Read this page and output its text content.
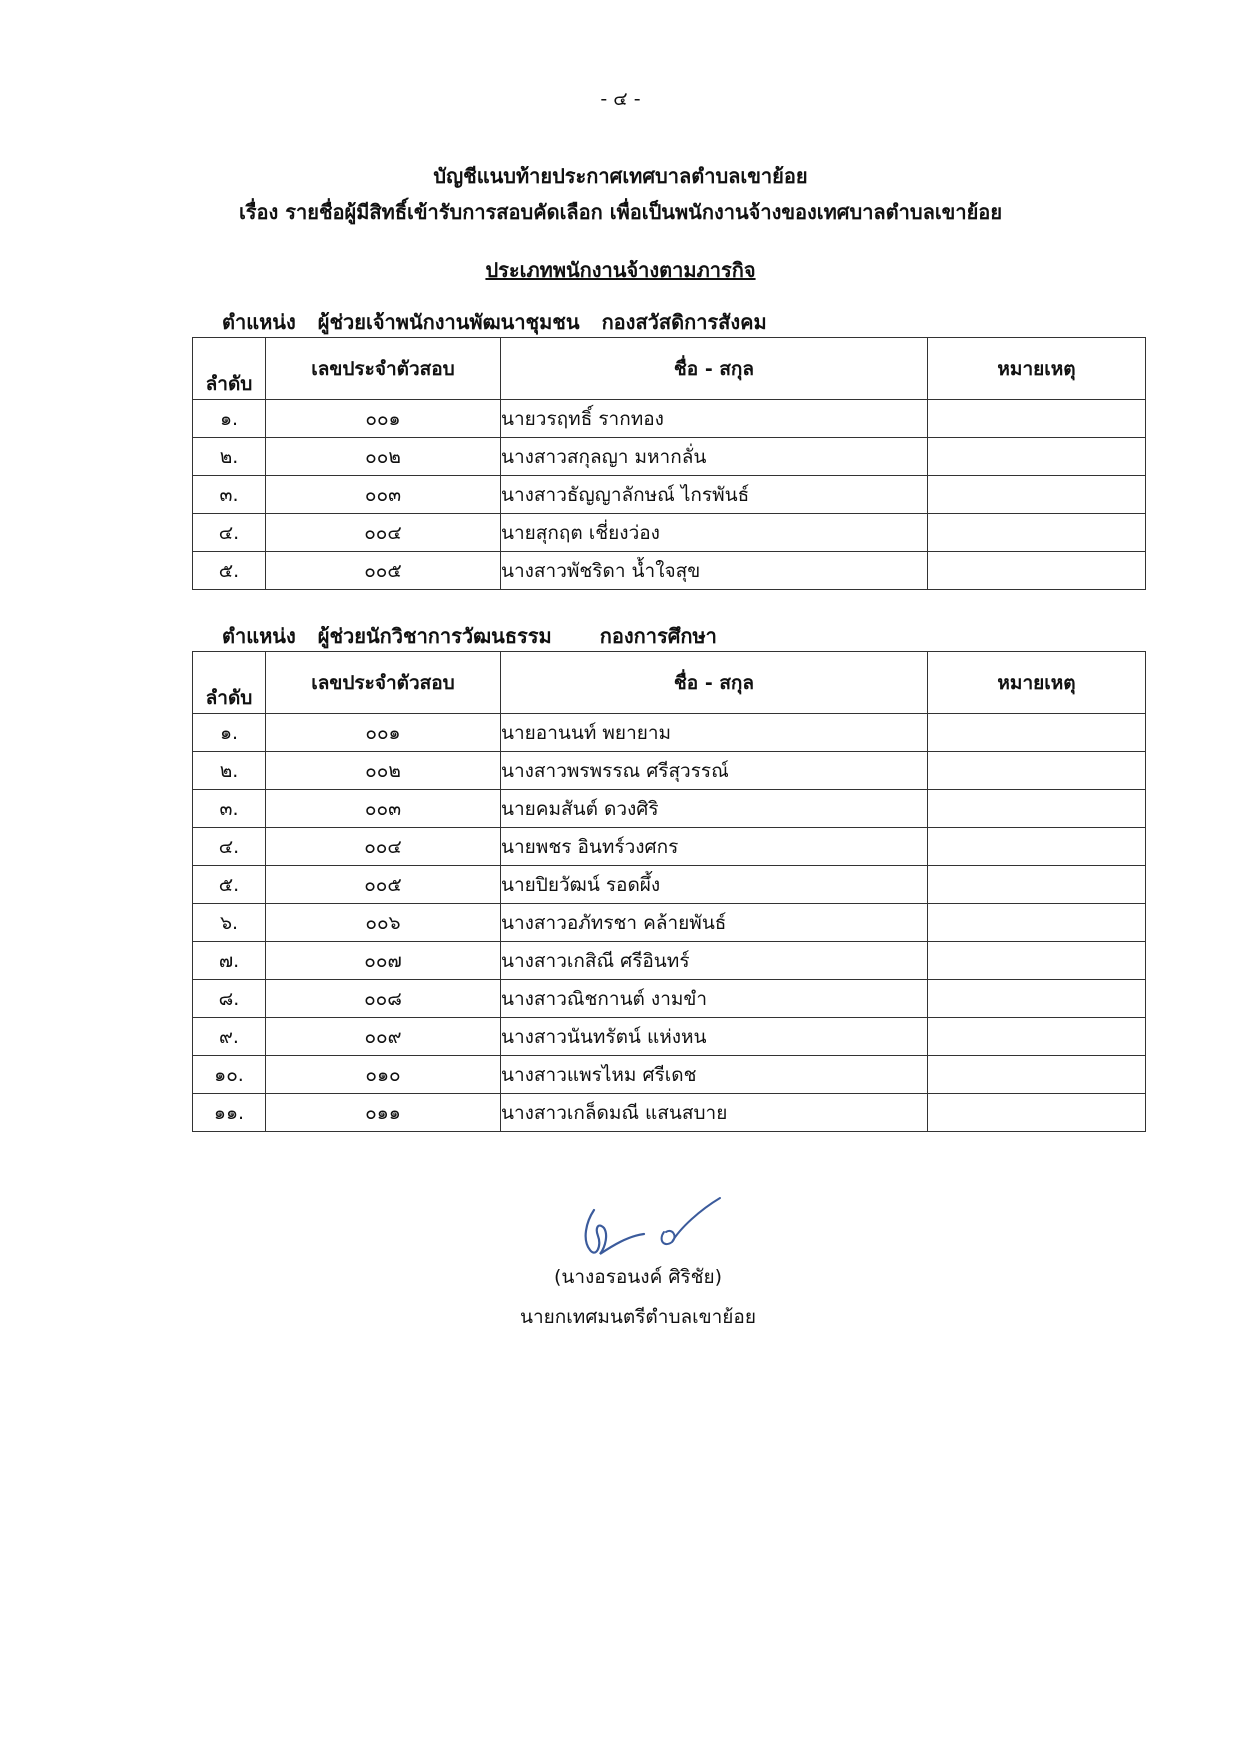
- ๔ -
บัญชีแนบท้ายประกาศเทศบาลตำบลเขาย้อย
เรื่อง รายชื่อผู้มีสิทธิ์เข้ารับการสอบคัดเลือก เพื่อเป็นพนักงานจ้างของเทศบาลตำบลเขาย้อย
ประเภทพนักงานจ้างตามภารกิจ
ตำแหน่ง ผู้ช่วยเจ้าพนักงานพัฒนาชุมชน กองสวัสดิการสังคม
ลำดับ	เลขประจำตัวสอบ	ชื่อ - สกุล	หมายเหตุ
๑.	๐๐๑	นายวรฤทธิ์ รากทอง	
๒.	๐๐๒	นางสาวสกุลญา มหากลั่น	
๓.	๐๐๓	นางสาวธัญญาลักษณ์ ไกรพันธ์	
๔.	๐๐๔	นายสุกฤต เชี่ยงว่อง	
๕.	๐๐๕	นางสาวพัชริดา น้ำใจสุข	
ตำแหน่ง ผู้ช่วยนักวิชาการวัฒนธรรม กองการศึกษา
ลำดับ	เลขประจำตัวสอบ	ชื่อ - สกุล	หมายเหตุ
๑.	๐๐๑	นายอานนท์ พยายาม	
๒.	๐๐๒	นางสาวพรพรรณ ศรีสุวรรณ์	
๓.	๐๐๓	นายคมสันต์ ดวงศิริ	
๔.	๐๐๔	นายพชร อินทร์วงศกร	
๕.	๐๐๕	นายปิยวัฒน์ รอดผึ้ง	
๖.	๐๐๖	นางสาวอภัทรชา คล้ายพันธ์	
๗.	๐๐๗	นางสาวเกสิณี ศรีอินทร์	
๘.	๐๐๘	นางสาวณิชกานต์ งามขำ	
๙.	๐๐๙	นางสาวนันทรัตน์ แห่งหน	
๑๐.	๐๑๐	นางสาวแพรไหม ศรีเดช	
๑๑.	๐๑๑	นางสาวเกล็ดมณี แสนสบาย	
(นางอรอนงค์ ศิริชัย)
นายกเทศมนตรีตำบลเขาย้อย
